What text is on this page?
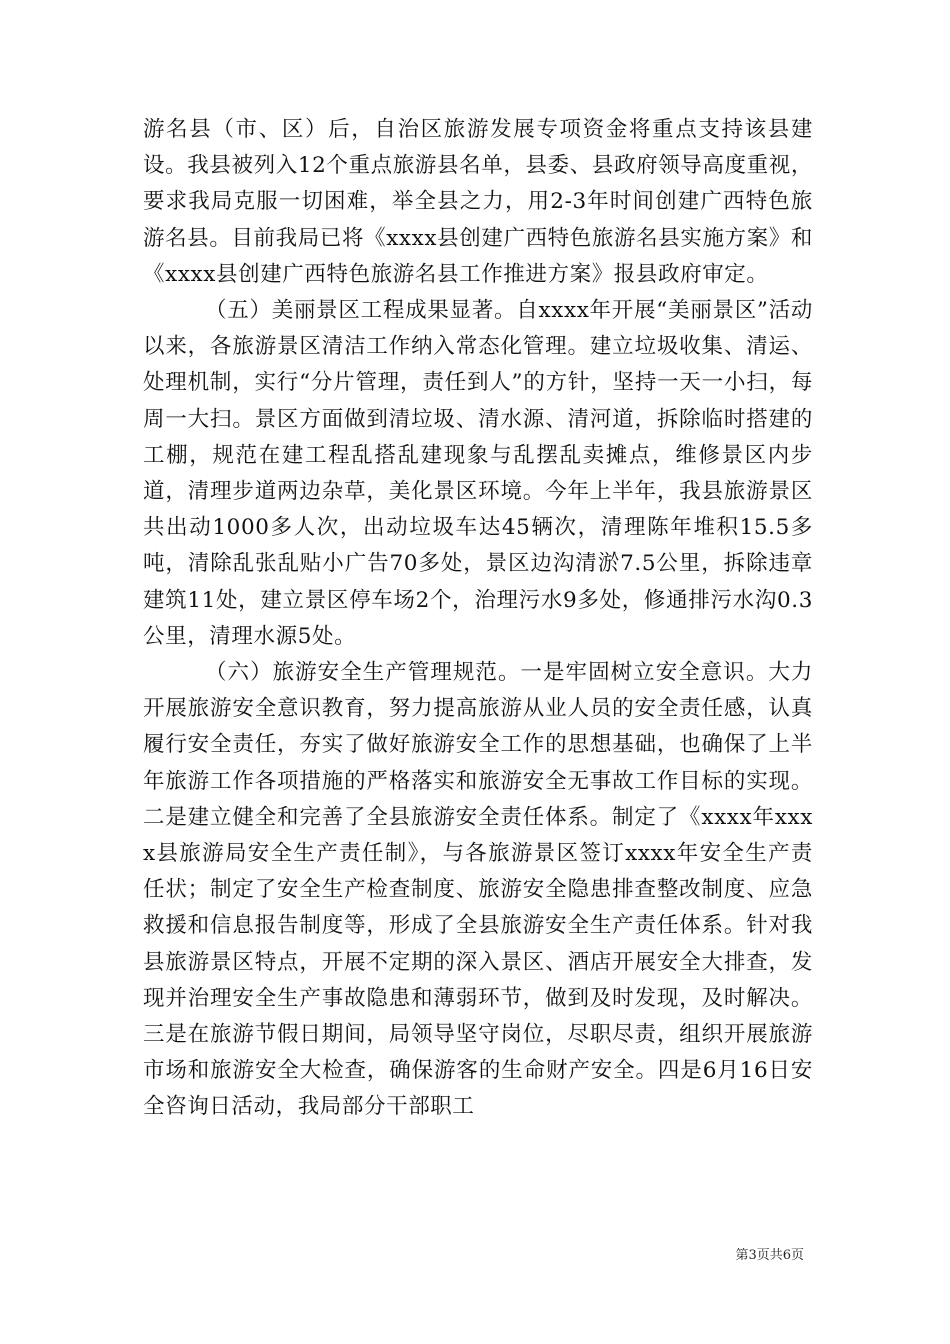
游名县（市、区）后，自治区旅游发展专项资金将重点支持该县建设。我县被列入12个重点旅游县名单，县委、县政府领导高度重视，要求我局克服一切困难，举全县之力，用2-3年时间创建广西特色旅游名县。目前我局已将《xxxx县创建广西特色旅游名县实施方案》和《xxxx县创建广西特色旅游名县工作推进方案》报县政府审定。

（五）美丽景区工程成果显著。自xxxx年开展“美丽景区”活动以来，各旅游景区清洁工作纳入常态化管理。建立垃圾收集、清运、处理机制，实行“分片管理，责任到人”的方针，坚持一天一小扫，每周一大扫。景区方面做到清垃圾、清水源、清河道，拆除临时搭建的工棚，规范在建工程乱搭乱建现象与乱摆乱卖摊点，维修景区内步道，清理步道两边杂草，美化景区环境。今年上半年，我县旅游景区共出动1000多人次，出动垃圾车达45辆次，清理陈年堆积15.5多吨，清除乱张乱贴小广告70多处，景区边沟清淤7.5公里，拆除违章建筑11处，建立景区停车场2个，治理污水9多处，修通排污水沟0.3公里，清理水源5处。

（六）旅游安全生产管理规范。一是牢固树立安全意识。大力开展旅游安全意识教育，努力提高旅游从业人员的安全责任感，认真履行安全责任，夯实了做好旅游安全工作的思想基础，也确保了上半年旅游工作各项措施的严格落实和旅游安全无事故工作目标的实现。二是建立健全和完善了全县旅游安全责任体系。制定了《xxxx年xxxx县旅游局安全生产责任制》，与各旅游景区签订xxxx年安全生产责任状；制定了安全生产检查制度、旅游安全隐患排查整改制度、应急救援和信息报告制度等，形成了全县旅游安全生产责任体系。针对我县旅游景区特点，开展不定期的深入景区、酒店开展安全大排查，发现并治理安全生产事故隐患和薄弱环节，做到及时发现，及时解决。三是在旅游节假日期间，局领导坚守岗位，尽职尽责，组织开展旅游市场和旅游安全大检查，确保游客的生命财产安全。四是6月16日安全咨询日活动，我局部分干部职工

第3页共6页
